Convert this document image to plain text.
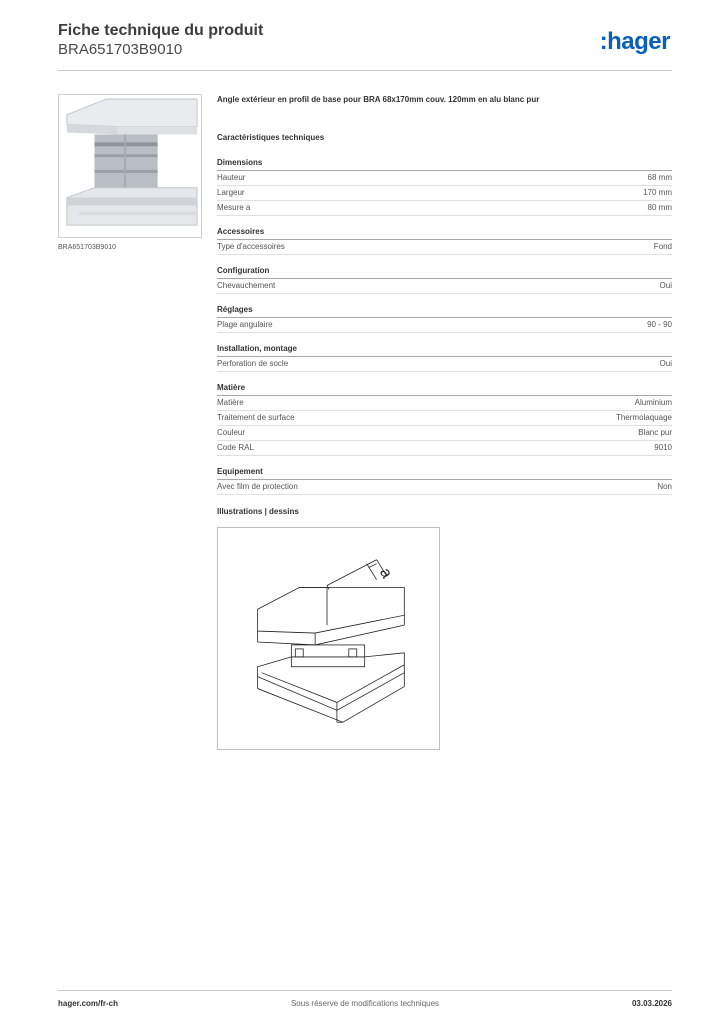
Fiche technique du produit
BRA651703B9010	:hager
BRA651703B9010

Angle extérieur en profil de base pour BRA 68x170mm couv. 120mm en alu blanc pur

Caractéristiques techniques
Dimensions
Hauteur	68 mm
Largeur	170 mm
Mesure a	80 mm
Accessoires
Type d'accessoires	Fond
Configuration
Chevauchement	Oui
Réglages
Plage angulaire	90 - 90
Installation, montage
Perforation de socle	Oui
Matière
Matière	Aluminium
Traitement de surface	Thermolaquage
Couleur	Blanc pur
Code RAL	9010
Equipement
Avec film de protection	Non
Illustrations | dessins
a
hager.com/fr-ch	Sous réserve de modifications techniques	03.03.2026
